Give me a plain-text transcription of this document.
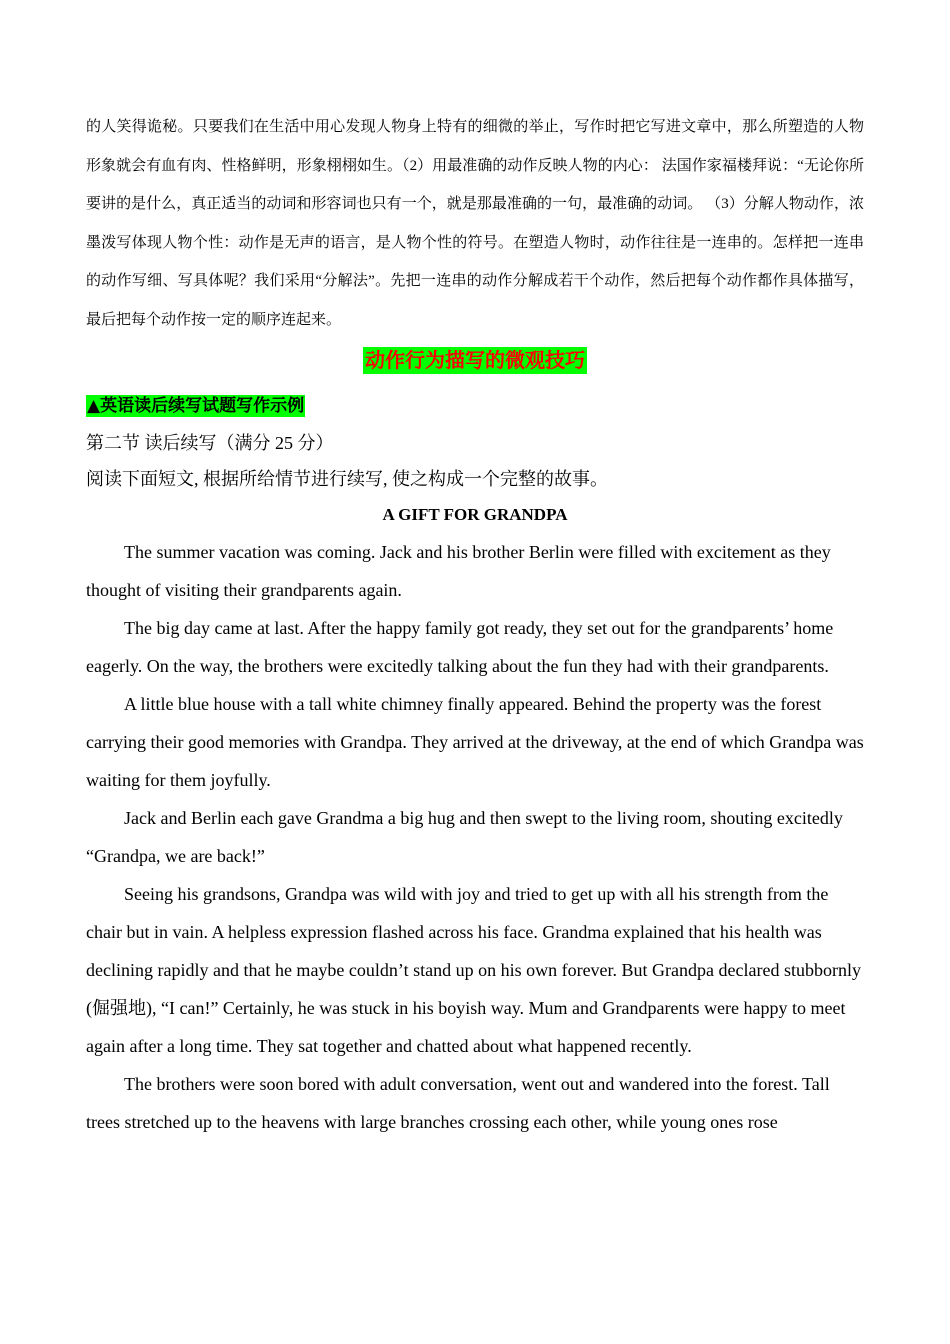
的人笑得诡秘。只要我们在生活中用心发现人物身上特有的细微的举止，写作时把它写进文章中，那么所塑造的人物形象就会有血有肉、性格鲜明，形象栩栩如生。（2）用最准确的动作反映人物的内心： 法国作家福楼拜说：“无论你所要讲的是什么，真正适当的动词和形容词也只有一个，就是那最准确的一句，最准确的动词。 （3）分解人物动作，浓墨泼写体现人物个性：动作是无声的语言，是人物个性的符号。在塑造人物时，动作往往是一连串的。怎样把一连串的动作写细、写具体呢？我们采用“分解法”。先把一连串的动作分解成若干个动作，然后把每个动作都作具体描写，最后把每个动作按一定的顺序连起来。

动作行为描写的微观技巧
▲英语读后续写试题写作示例

第二节 读后续写（满分 25 分）

阅读下面短文, 根据所给情节进行续写, 使之构成一个完整的故事。

A GIFT FOR GRANDPA

The summer vacation was coming. Jack and his brother Berlin were filled with excitement as they thought of visiting their grandparents again.

The big day came at last. After the happy family got ready, they set out for the grandparents’ home eagerly. On the way, the brothers were excitedly talking about the fun they had with their grandparents.

A little blue house with a tall white chimney finally appeared. Behind the property was the forest carrying their good memories with Grandpa. They arrived at the driveway, at the end of which Grandpa was waiting for them joyfully.

Jack and Berlin each gave Grandma a big hug and then swept to the living room, shouting excitedly “Grandpa, we are back!”

Seeing his grandsons, Grandpa was wild with joy and tried to get up with all his strength from the chair but in vain. A helpless expression flashed across his face. Grandma explained that his health was declining rapidly and that he maybe couldn’t stand up on his own forever. But Grandpa declared stubbornly (倔强地), “I can!” Certainly, he was stuck in his boyish way. Mum and Grandparents were happy to meet again after a long time. They sat together and chatted about what happened recently.

The brothers were soon bored with adult conversation, went out and wandered into the forest. Tall trees stretched up to the heavens with large branches crossing each other, while young ones rose
